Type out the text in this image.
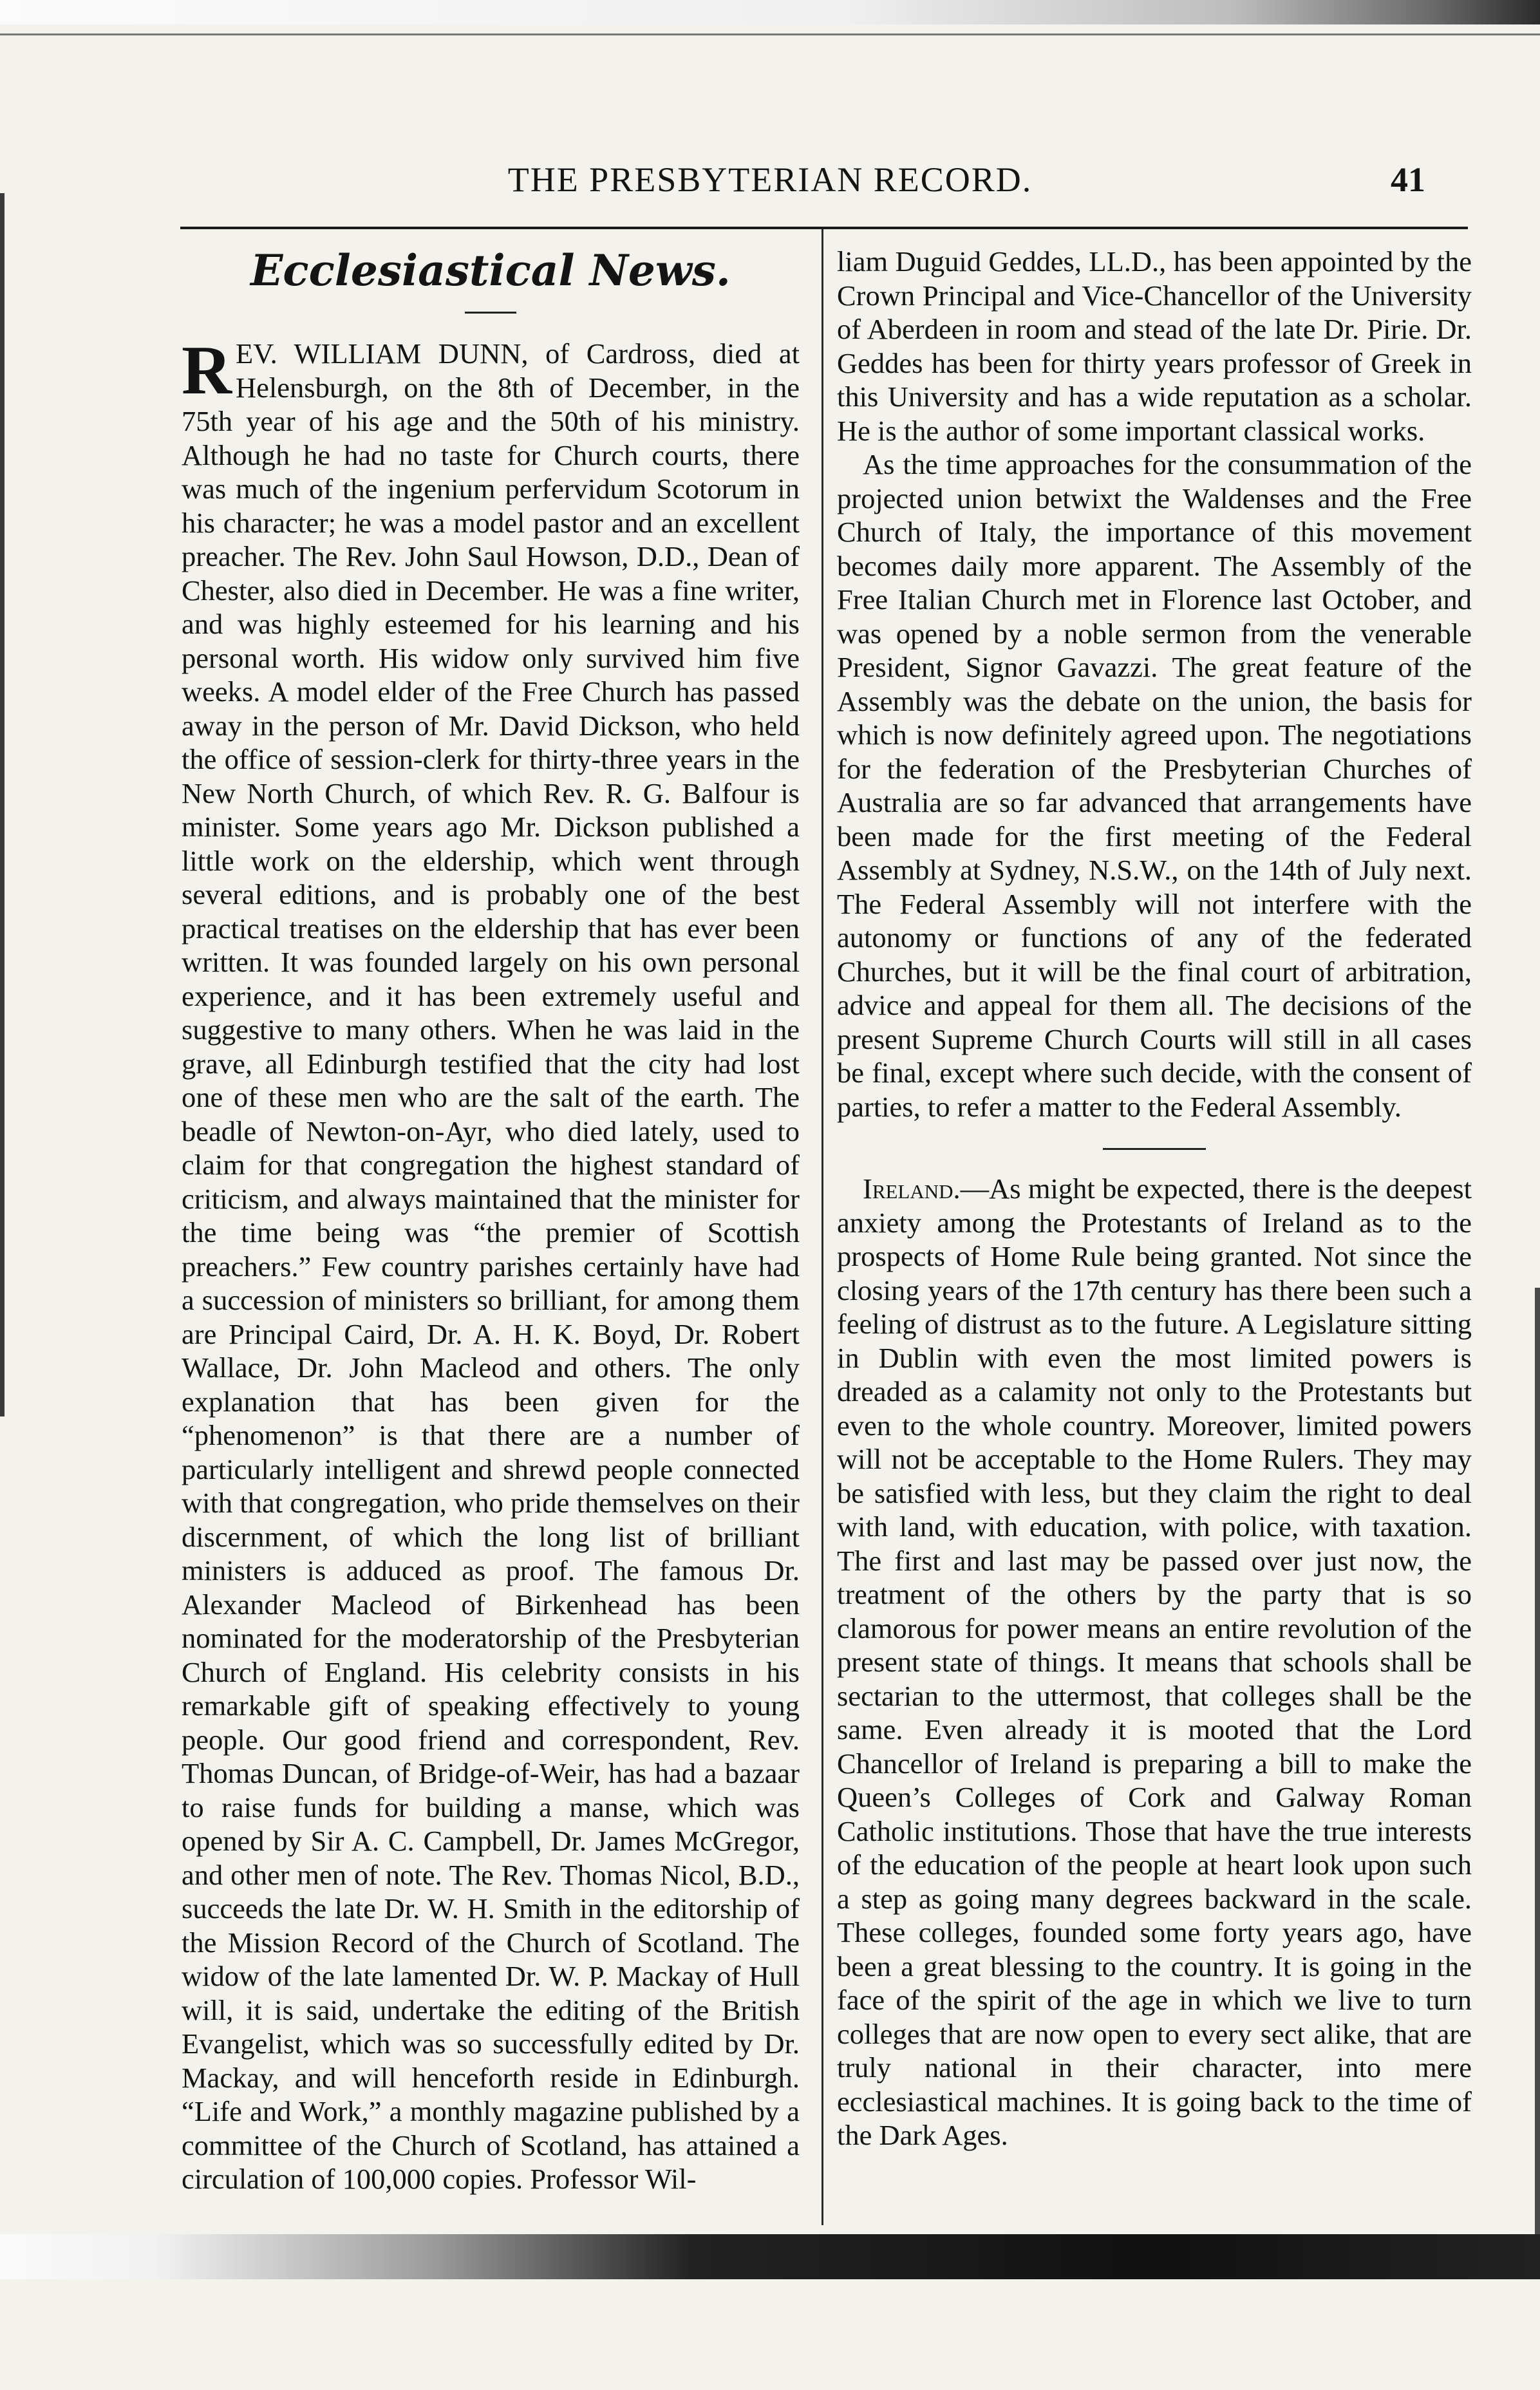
THE PRESBYTERIAN RECORD.	41
Ecclesiastical News.

REV. WILLIAM DUNN, of Cardross, died at Helensburgh, on the 8th of December, in the 75th year of his age and the 50th of his ministry. Although he had no taste for Church courts, there was much of the ingenium perfervidum Scotorum in his character; he was a model pastor and an excellent preacher. The Rev. John Saul Howson, D.D., Dean of Chester, also died in December. He was a fine writer, and was highly esteemed for his learning and his personal worth. His widow only survived him five weeks. A model elder of the Free Church has passed away in the person of Mr. David Dickson, who held the office of session-clerk for thirty-three years in the New North Church, of which Rev. R. G. Balfour is minister. Some years ago Mr. Dickson published a little work on the eldership, which went through several editions, and is probably one of the best practical treatises on the eldership that has ever been written. It was founded largely on his own personal experience, and it has been extremely useful and suggestive to many others. When he was laid in the grave, all Edinburgh testified that the city had lost one of these men who are the salt of the earth. The beadle of Newton-on-Ayr, who died lately, used to claim for that congregation the highest standard of criticism, and always maintained that the minister for the time being was “the premier of Scottish preachers.” Few country parishes certainly have had a succession of ministers so brilliant, for among them are Principal Caird, Dr. A. H. K. Boyd, Dr. Robert Wallace, Dr. John Macleod and others. The only explanation that has been given for the “phenomenon” is that there are a number of particularly intelligent and shrewd people connected with that congregation, who pride themselves on their discernment, of which the long list of brilliant ministers is adduced as proof. The famous Dr. Alexander Macleod of Birkenhead has been nominated for the moderatorship of the Presbyterian Church of England. His celebrity consists in his remarkable gift of speaking effectively to young people. Our good friend and correspondent, Rev. Thomas Duncan, of Bridge-of-Weir, has had a bazaar to raise funds for building a manse, which was opened by Sir A. C. Campbell, Dr. James McGregor, and other men of note. The Rev. Thomas Nicol, B.D., succeeds the late Dr. W. H. Smith in the editorship of the Mission Record of the Church of Scotland. The widow of the late lamented Dr. W. P. Mackay of Hull will, it is said, undertake the editing of the British Evangelist, which was so successfully edited by Dr. Mackay, and will henceforth reside in Edinburgh. “Life and Work,” a monthly magazine published by a committee of the Church of Scotland, has attained a circulation of 100,000 copies. Professor Wil-

liam Duguid Geddes, LL.D., has been appointed by the Crown Principal and Vice-Chancellor of the University of Aberdeen in room and stead of the late Dr. Pirie. Dr. Geddes has been for thirty years professor of Greek in this University and has a wide reputation as a scholar. He is the author of some important classical works.

As the time approaches for the consummation of the projected union betwixt the Waldenses and the Free Church of Italy, the importance of this movement becomes daily more apparent. The Assembly of the Free Italian Church met in Florence last October, and was opened by a noble sermon from the venerable President, Signor Gavazzi. The great feature of the Assembly was the debate on the union, the basis for which is now definitely agreed upon. The negotiations for the federation of the Presbyterian Churches of Australia are so far advanced that arrangements have been made for the first meeting of the Federal Assembly at Sydney, N.S.W., on the 14th of July next. The Federal Assembly will not interfere with the autonomy or functions of any of the federated Churches, but it will be the final court of arbitration, advice and appeal for them all. The decisions of the present Supreme Church Courts will still in all cases be final, except where such decide, with the consent of parties, to refer a matter to the Federal Assembly.

Ireland.—As might be expected, there is the deepest anxiety among the Protestants of Ireland as to the prospects of Home Rule being granted. Not since the closing years of the 17th century has there been such a feeling of distrust as to the future. A Legislature sitting in Dublin with even the most limited powers is dreaded as a calamity not only to the Protestants but even to the whole country. Moreover, limited powers will not be acceptable to the Home Rulers. They may be satisfied with less, but they claim the right to deal with land, with education, with police, with taxation. The first and last may be passed over just now, the treatment of the others by the party that is so clamorous for power means an entire revolution of the present state of things. It means that schools shall be sectarian to the uttermost, that colleges shall be the same. Even already it is mooted that the Lord Chancellor of Ireland is preparing a bill to make the Queen’s Colleges of Cork and Galway Roman Catholic institutions. Those that have the true interests of the education of the people at heart look upon such a step as going many degrees backward in the scale. These colleges, founded some forty years ago, have been a great blessing to the country. It is going in the face of the spirit of the age in which we live to turn colleges that are now open to every sect alike, that are truly national in their character, into mere ecclesiastical machines. It is going back to the time of the Dark Ages.
